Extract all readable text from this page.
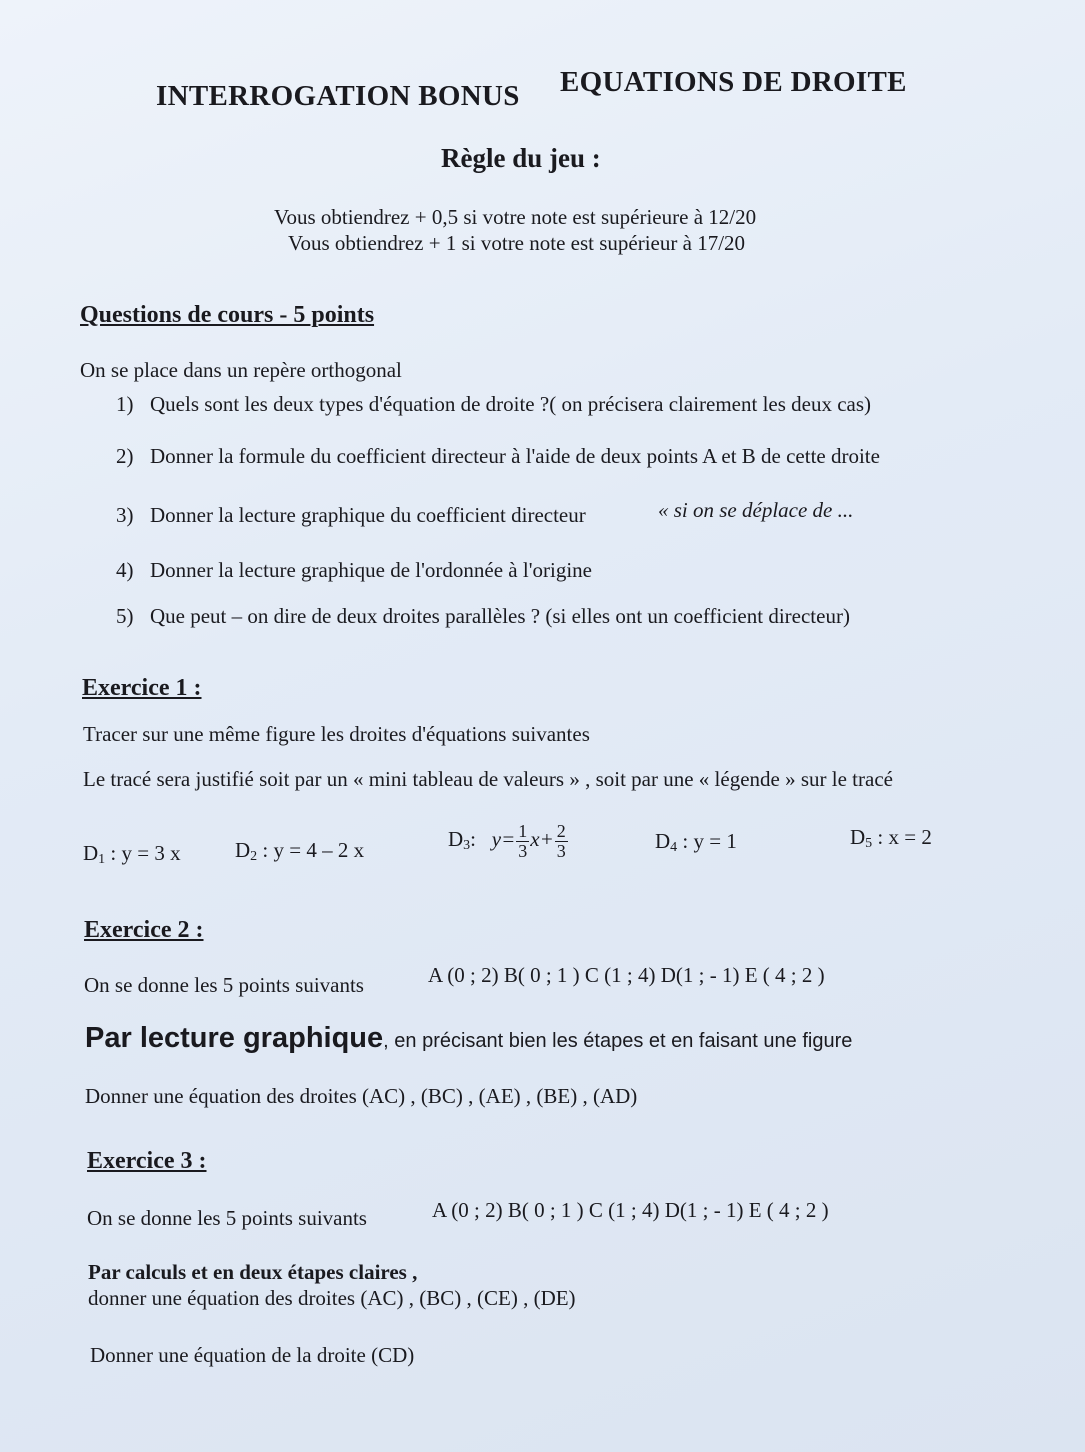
INTERROGATION BONUS EQUATIONS DE DROITE
Règle du jeu :
Vous obtiendrez + 0,5 si votre note est supérieure à 12/20
Vous obtiendrez + 1 si votre note est supérieur à 17/20
Questions de cours - 5 points
On se place dans un repère orthogonal
1) Quels sont les deux types d'équation de droite ?( on précisera clairement les deux cas)
2) Donner la formule du coefficient directeur à l'aide de deux points A et B de cette droite
3) Donner la lecture graphique du coefficient directeur	« si on se déplace de ...
4) Donner la lecture graphique de l'ordonnée à l'origine
5) Que peut – on dire de deux droites parallèles ? (si elles ont un coefficient directeur)
Exercice 1 :
Tracer sur une même figure les droites d'équations suivantes
Le tracé sera justifié soit par un « mini tableau de valeurs » , soit par une « légende » sur le tracé
$D_1$ : y = 3 x	$D_2$ : y = 4 – 2 x	$D_3$: $y= \frac{1}{3} x+ \frac{2}{3}$	$D_4$ : y = 1	$D_5$ : x = 2
Exercice 2 :
On se donne les 5 points suivants	A (0 ; 2) B( 0 ; 1 ) C (1 ; 4) D(1 ; - 1) E ( 4 ; 2 )
Par lecture graphique, en précisant bien les étapes et en faisant une figure
Donner une équation des droites (AC) , (BC) , (AE) , (BE) , (AD)
Exercice 3 :
On se donne les 5 points suivants	A (0 ; 2) B( 0 ; 1 ) C (1 ; 4) D(1 ; - 1) E ( 4 ; 2 )
Par calculs et en deux étapes claires ,
donner une équation des droites (AC) , (BC) , (CE) , (DE)
Donner une équation de la droite (CD)
